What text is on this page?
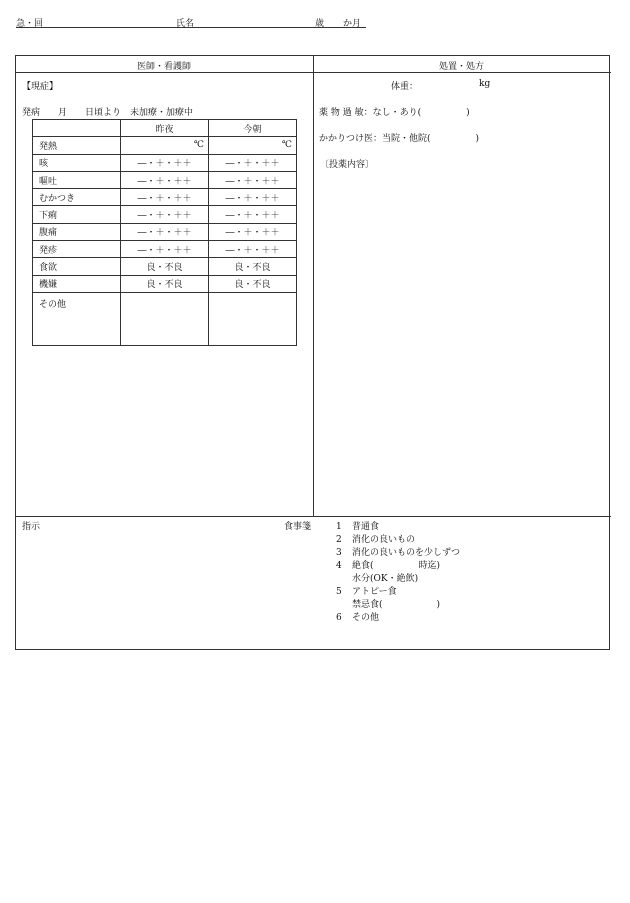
急・回	氏名	歳 か月
医師・看護師	処置・処方
【現症】
発病　　月　　日頃より　未加療・加療中
	昨夜	今朝
発熱	℃	℃
咳	―・＋・＋＋	―・＋・＋＋
嘔吐	―・＋・＋＋	―・＋・＋＋
むかつき	―・＋・＋＋	―・＋・＋＋
下痢	―・＋・＋＋	―・＋・＋＋
腹痛	―・＋・＋＋	―・＋・＋＋
発疹	―・＋・＋＋	―・＋・＋＋
食欲	良・不良	良・不良
機嫌	良・不良	良・不良
その他		
体重：	kg
薬 物 過 敏：なし・あり(　　　　　)
かかりつけ医：当院・他院(　　　　　)
〔投薬内容〕
指示	食事箋	1 普通食
2 消化の良いもの
3 消化の良いものを少しずつ
4 絶食(　　　　　時迄)
水分(OK・絶飲)
5 アトピー食
禁忌食(　　　　　　)
6 その他
